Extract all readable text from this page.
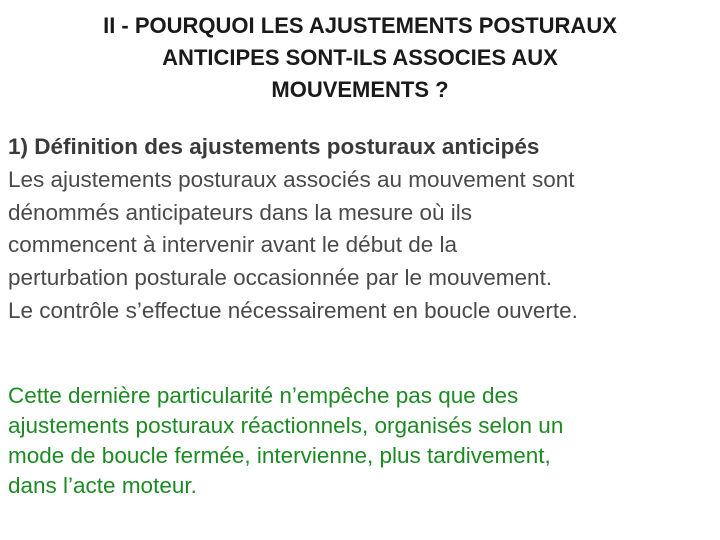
II - POURQUOI LES AJUSTEMENTS POSTURAUX
ANTICIPES SONT-ILS ASSOCIES AUX
MOUVEMENTS ?
1) Définition des ajustements posturaux anticipés
Les ajustements posturaux associés au mouvement sont
dénommés anticipateurs dans la mesure où ils
commencent à intervenir avant le début de la
perturbation posturale occasionnée par le mouvement.
Le contrôle s’effectue nécessairement en boucle ouverte.
Cette dernière particularité n’empêche pas que des
ajustements posturaux réactionnels, organisés selon un
mode de boucle fermée, intervienne, plus tardivement,
dans l’acte moteur.
